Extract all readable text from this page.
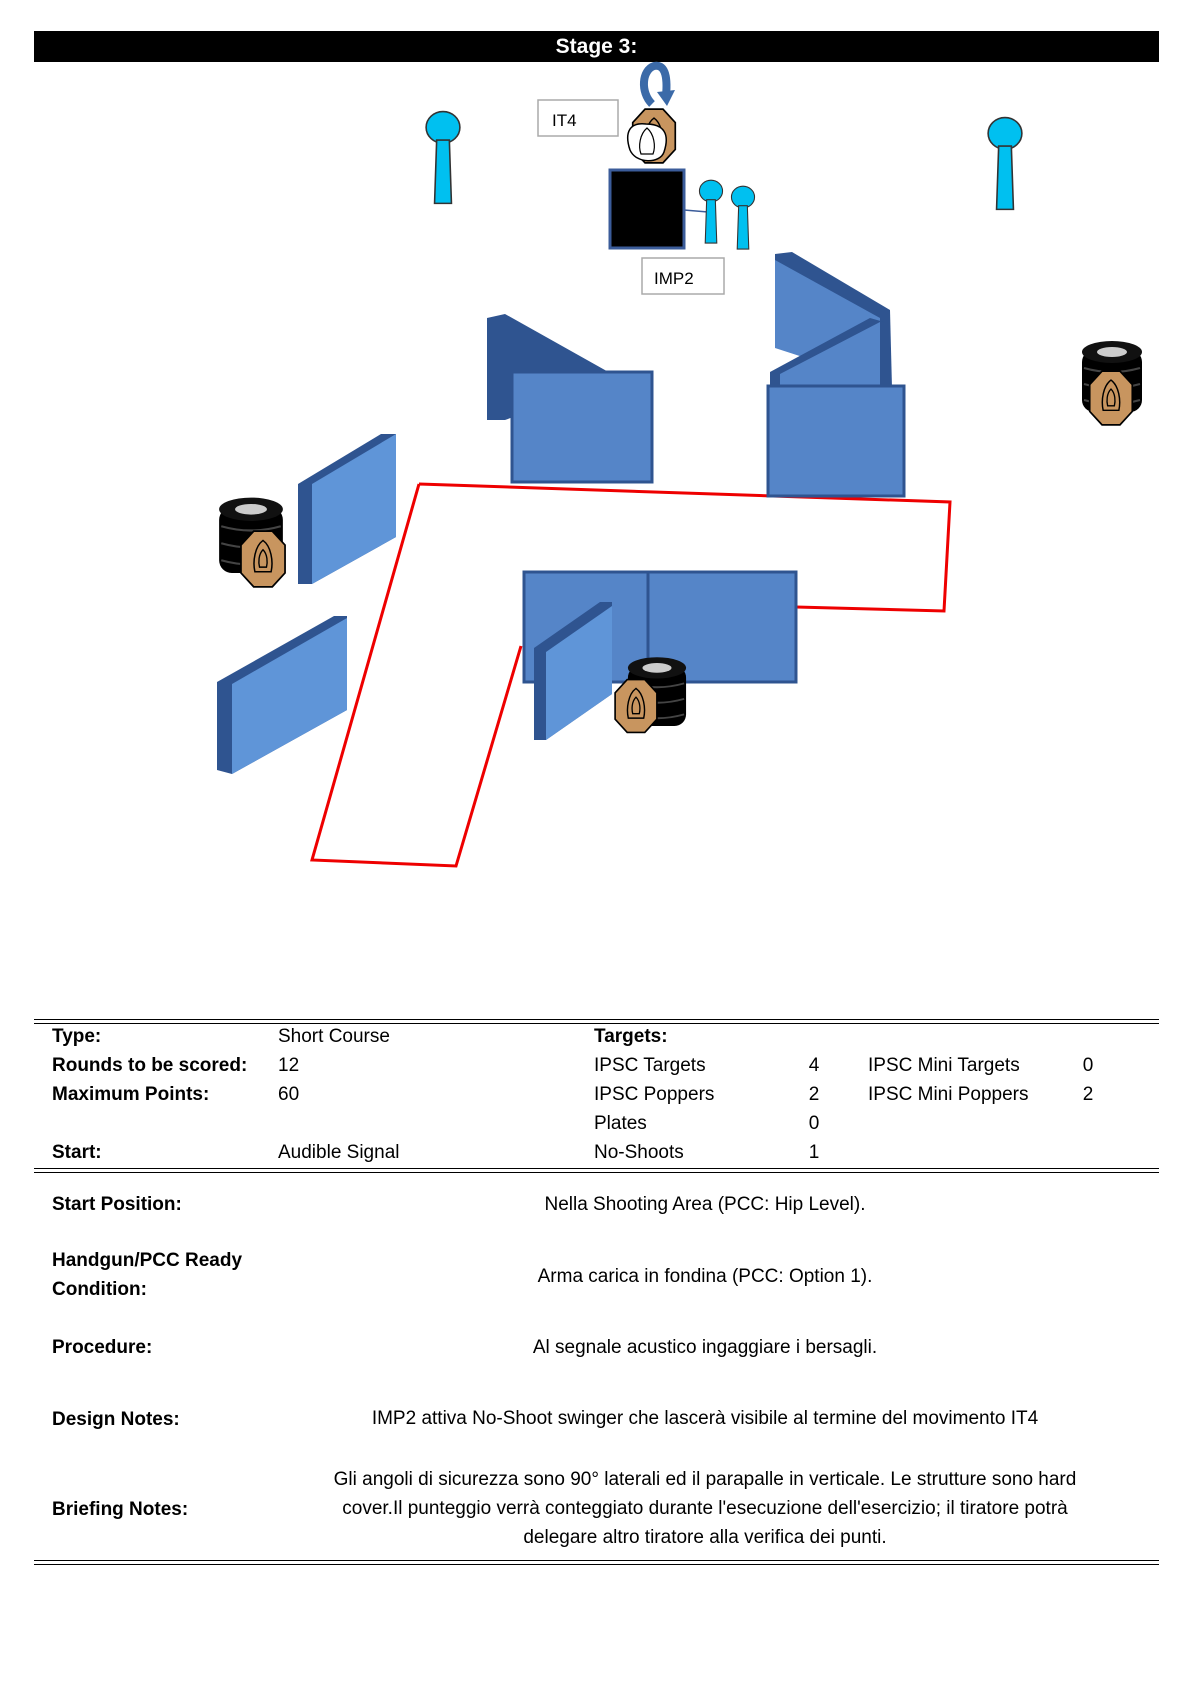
Stage 3:
IT4
IMP2
Type:	Short Course	Targets:
Rounds to be scored: 12	IPSC Targets	4	IPSC Mini Targets	0
Maximum Points:	60	IPSC Poppers	2	IPSC Mini Poppers	2
Plates	0
Start:	Audible Signal	No-Shoots	1
Start Position:	Nella Shooting Area (PCC: Hip Level).
Handgun/PCC Ready
Condition:
Arma carica in fondina (PCC: Option 1).
Procedure:	Al segnale acustico ingaggiare i bersagli.
Design Notes:	IMP2 attiva No-Shoot swinger che lascerà visibile al termine del movimento IT4
Briefing Notes:
Gli angoli di sicurezza sono 90° laterali ed il parapalle in verticale. Le strutture sono hard
cover.Il punteggio verrà conteggiato durante l'esecuzione dell'esercizio; il tiratore potrà
delegare altro tiratore alla verifica dei punti.
